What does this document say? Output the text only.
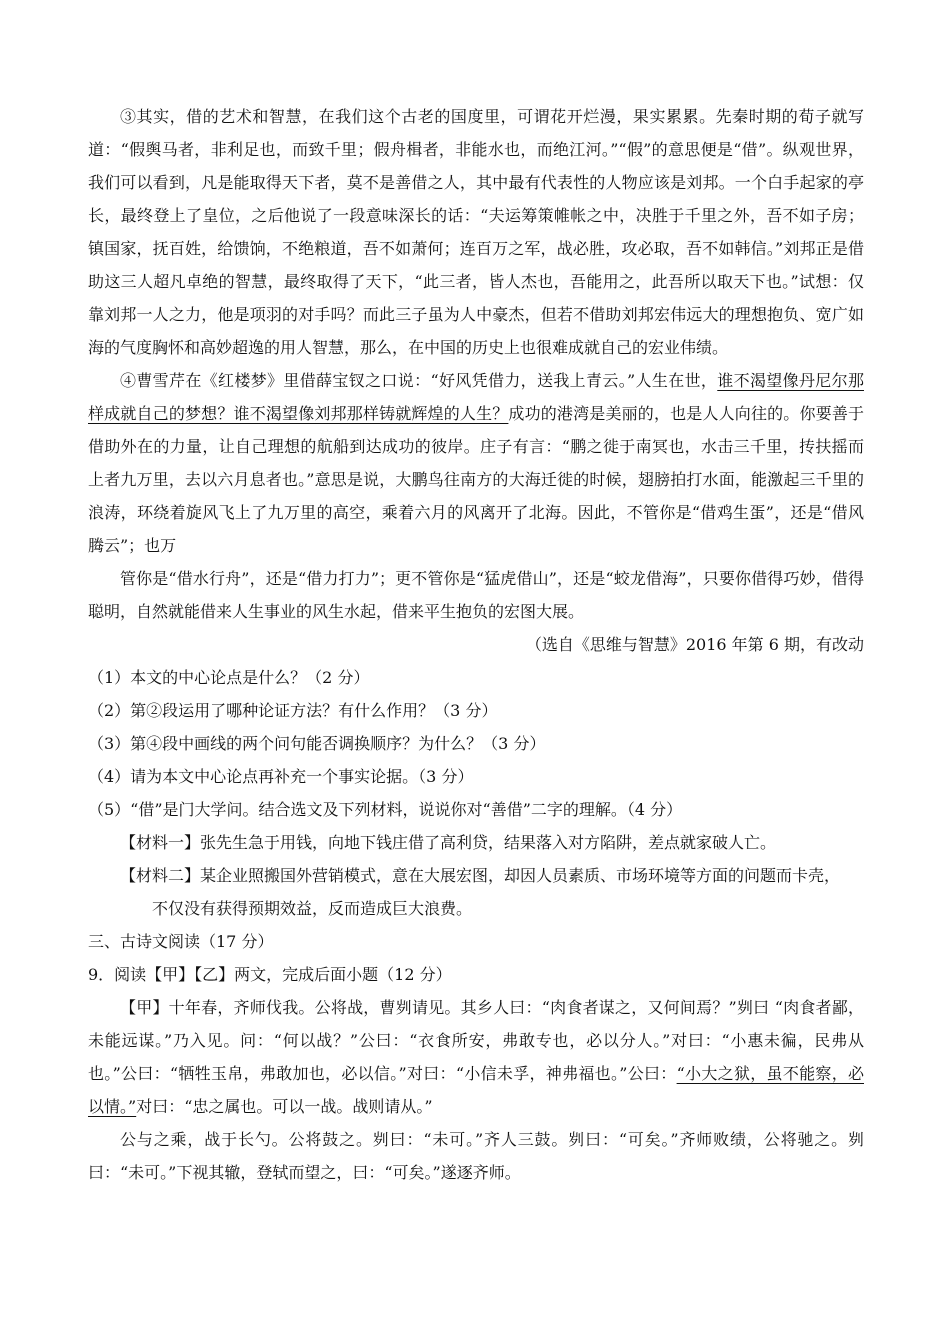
③其实，借的艺术和智慧，在我们这个古老的国度里，可谓花开烂漫，果实累累。先秦时期的荀子就写道：“假舆马者，非利足也，而致千里；假舟楫者，非能水也，而绝江河。”“假”的意思便是“借”。纵观世界，我们可以看到，凡是能取得天下者，莫不是善借之人，其中最有代表性的人物应该是刘邦。一个白手起家的亭长，最终登上了皇位，之后他说了一段意味深长的话：“夫运筹策帷帐之中，决胜于千里之外，吾不如子房；镇国家，抚百姓，给馈饷，不绝粮道，吾不如萧何；连百万之军，战必胜，攻必取，吾不如韩信。”刘邦正是借助这三人超凡卓绝的智慧，最终取得了天下，“此三者，皆人杰也，吾能用之，此吾所以取天下也。”试想：仅靠刘邦一人之力，他是项羽的对手吗？而此三子虽为人中豪杰，但若不借助刘邦宏伟远大的理想抱负、宽广如海的气度胸怀和高妙超逸的用人智慧，那么，在中国的历史上也很难成就自己的宏业伟绩。

④曹雪芹在《红楼梦》里借薛宝钗之口说：“好风凭借力，送我上青云。”人生在世，谁不渴望像丹尼尔那样成就自己的梦想？谁不渴望像刘邦那样铸就辉煌的人生？成功的港湾是美丽的，也是人人向往的。你要善于借助外在的力量，让自己理想的航船到达成功的彼岸。庄子有言：“鹏之徙于南冥也，水击三千里，抟扶摇而上者九万里，去以六月息者也。”意思是说，大鹏鸟往南方的大海迁徙的时候，翅膀拍打水面，能激起三千里的浪涛，环绕着旋风飞上了九万里的高空，乘着六月的风离开了北海。因此，不管你是“借鸡生蛋”，还是“借风腾云”；也万

管你是“借水行舟”，还是“借力打力”；更不管你是“猛虎借山”，还是“蛟龙借海”，只要你借得巧妙，借得聪明，自然就能借来人生事业的风生水起，借来平生抱负的宏图大展。

（选自《思维与智慧》2016 年第 6 期，有改动

（1）本文的中心论点是什么？（2 分）

（2）第②段运用了哪种论证方法？有什么作用？（3 分）

（3）第④段中画线的两个问句能否调换顺序？为什么？（3 分）

（4）请为本文中心论点再补充一个事实论据。（3 分）

（5）“借”是门大学问。结合选文及下列材料，说说你对“善借”二字的理解。（4 分）

【材料一】张先生急于用钱，向地下钱庄借了高利贷，结果落入对方陷阱，差点就家破人亡。

【材料二】某企业照搬国外营销模式，意在大展宏图，却因人员素质、市场环境等方面的问题而卡壳，

不仅没有获得预期效益，反而造成巨大浪费。

三、古诗文阅读（17 分）

9．阅读【甲】【乙】两文，完成后面小题（12 分）

【甲】十年春，齐师伐我。公将战，曹刿请见。其乡人曰：“肉食者谋之，又何间焉？”刿曰 “肉食者鄙，未能远谋。”乃入见。问：“何以战？”公曰：“衣食所安，弗敢专也，必以分人。”对曰：“小惠未徧，民弗从也。”公曰：“牺牲玉帛，弗敢加也，必以信。”对曰：“小信未孚，神弗福也。”公曰：“小大之狱，虽不能察，必以情。”对曰：“忠之属也。可以一战。战则请从。”

公与之乘，战于长勺。公将鼓之。刿曰：“未可。”齐人三鼓。刿曰：“可矣。”齐师败绩，公将驰之。刿曰：“未可。”下视其辙，登轼而望之，曰：“可矣。”遂逐齐师。
